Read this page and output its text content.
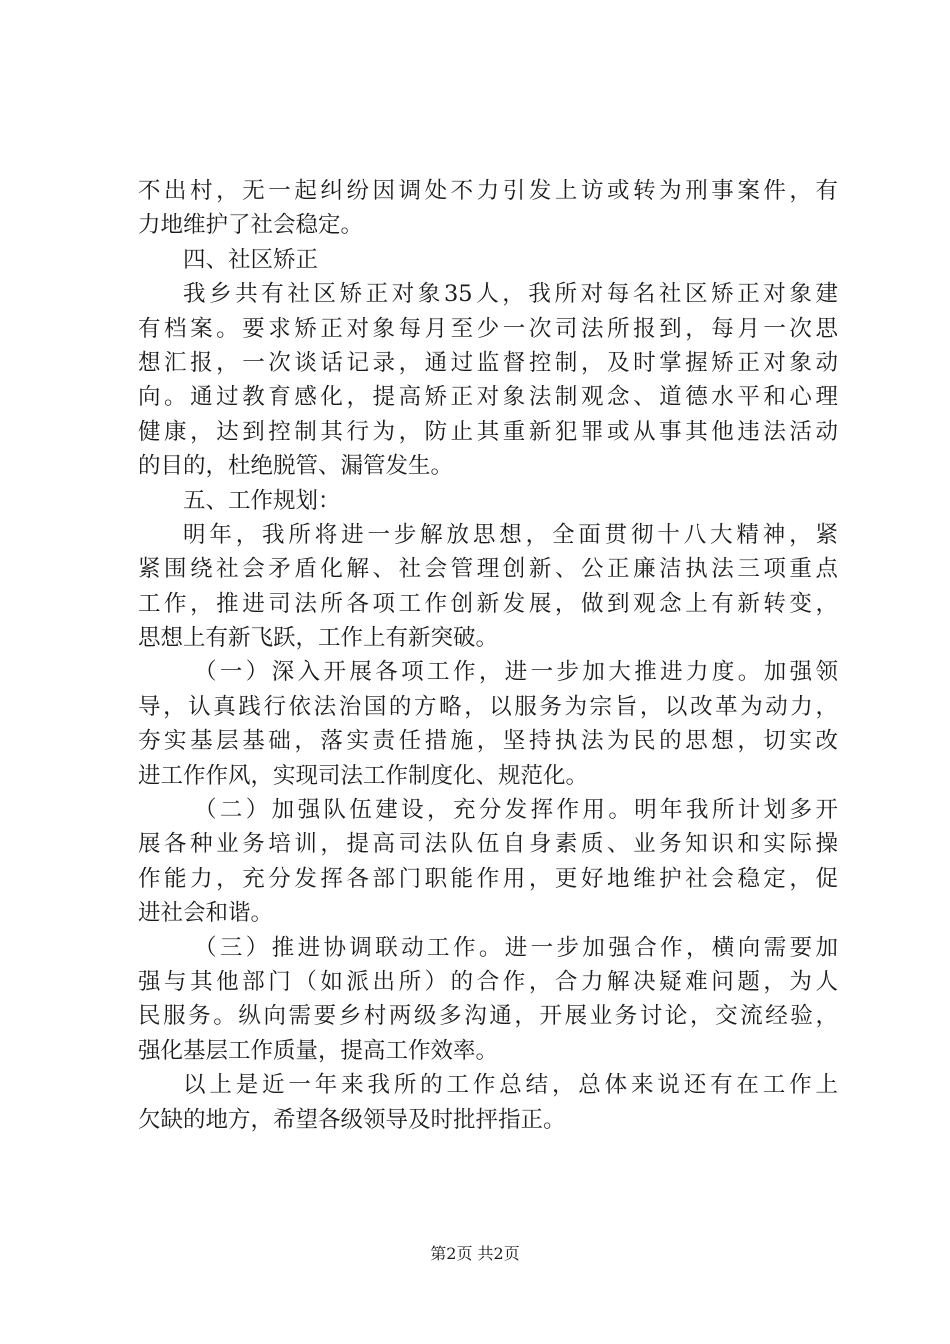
不出村，无一起纠纷因调处不力引发上访或转为刑事案件，有
力地维护了社会稳定。
四、社区矫正
我乡共有社区矫正对象35人，我所对每名社区矫正对象建
有档案。要求矫正对象每月至少一次司法所报到，每月一次思
想汇报，一次谈话记录，通过监督控制，及时掌握矫正对象动
向。通过教育感化，提高矫正对象法制观念、道德水平和心理
健康，达到控制其行为，防止其重新犯罪或从事其他违法活动
的目的，杜绝脱管、漏管发生。
五、工作规划：
明年，我所将进一步解放思想，全面贯彻十八大精神，紧
紧围绕社会矛盾化解、社会管理创新、公正廉洁执法三项重点
工作，推进司法所各项工作创新发展，做到观念上有新转变，
思想上有新飞跃，工作上有新突破。
（一）深入开展各项工作，进一步加大推进力度。加强领
导，认真践行依法治国的方略，以服务为宗旨，以改革为动力，
夯实基层基础，落实责任措施，坚持执法为民的思想，切实改
进工作作风，实现司法工作制度化、规范化。
（二）加强队伍建设，充分发挥作用。明年我所计划多开
展各种业务培训，提高司法队伍自身素质、业务知识和实际操
作能力，充分发挥各部门职能作用，更好地维护社会稳定，促
进社会和谐。
（三）推进协调联动工作。进一步加强合作，横向需要加
强与其他部门（如派出所）的合作，合力解决疑难问题，为人
民服务。纵向需要乡村两级多沟通，开展业务讨论，交流经验，
强化基层工作质量，提高工作效率。
以上是近一年来我所的工作总结，总体来说还有在工作上
欠缺的地方，希望各级领导及时批抨指正。
第2页 共2页
